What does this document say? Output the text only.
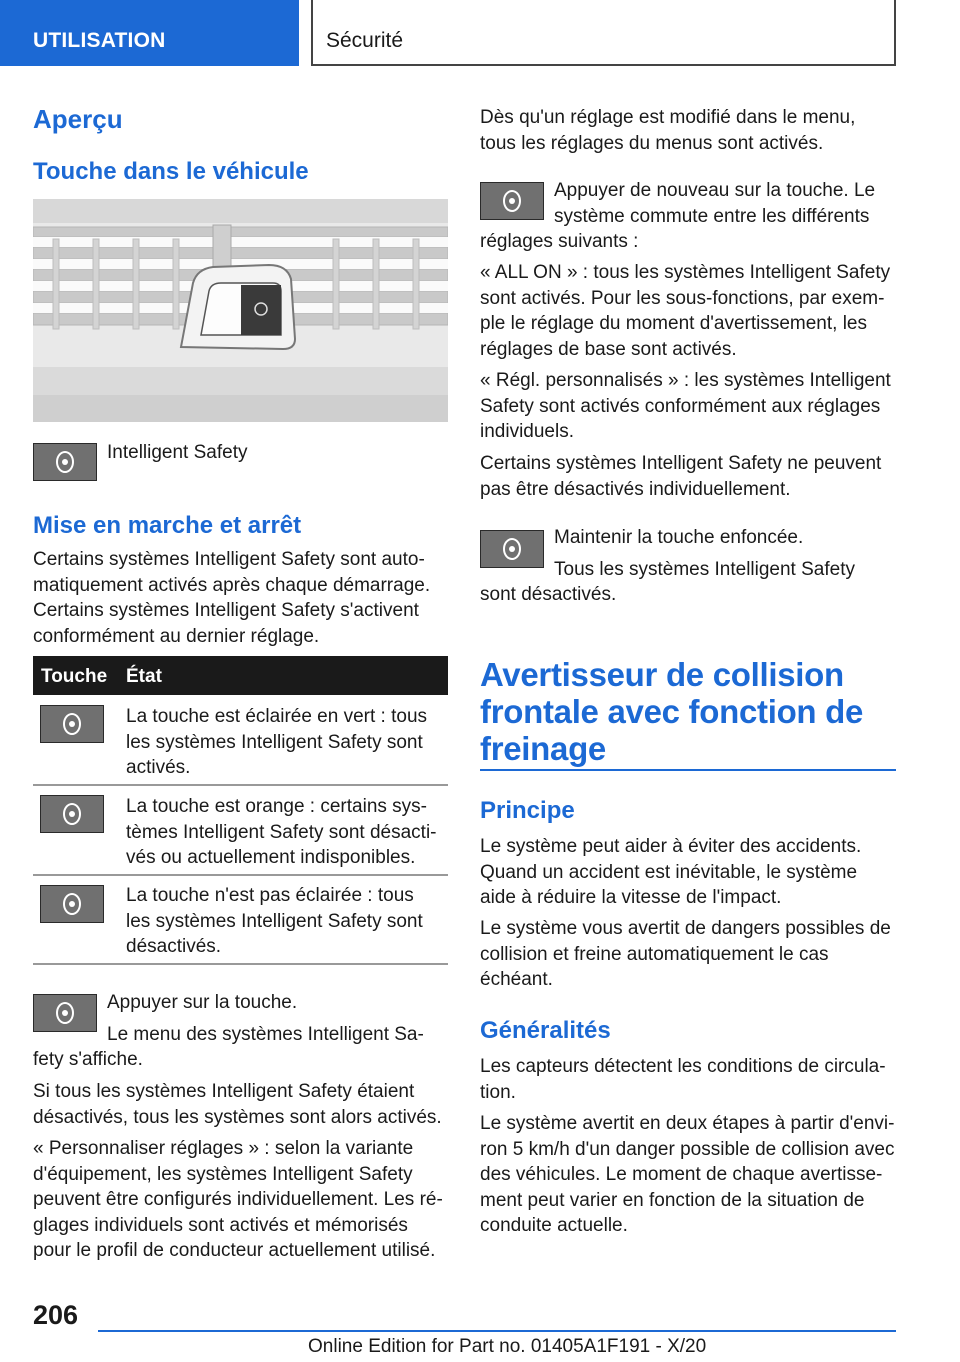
UTILISATION	Sécurité
Aperçu
Touche dans le véhicule
Intelligent Safety
Mise en marche et arrêt
Certains systèmes Intelligent Safety sont auto‐
matiquement activés après chaque démarrage.
Certains systèmes Intelligent Safety s'activent
conformément au dernier réglage.
Touche État
La touche est éclairée en vert : tous
les systèmes Intelligent Safety sont
activés.
La touche est orange : certains sys‐
tèmes Intelligent Safety sont désacti‐
vés ou actuellement indisponibles.
La touche n'est pas éclairée : tous
les systèmes Intelligent Safety sont
désactivés.
Appuyer sur la touche.
Le menu des systèmes Intelligent Sa‐
fety s'affiche.
Si tous les systèmes Intelligent Safety étaient
désactivés, tous les systèmes sont alors activés.
« Personnaliser réglages » : selon la variante
d'équipement, les systèmes Intelligent Safety
peuvent être configurés individuellement. Les ré‐
glages individuels sont activés et mémorisés
pour le profil de conducteur actuellement utilisé.
Dès qu'un réglage est modifié dans le menu,
tous les réglages du menus sont activés.
Appuyer de nouveau sur la touche. Le
système commute entre les différents
réglages suivants :
« ALL ON » : tous les systèmes Intelligent Safety
sont activés. Pour les sous-fonctions, par exem‐
ple le réglage du moment d'avertissement, les
réglages de base sont activés.
« Régl. personnalisés » : les systèmes Intelligent
Safety sont activés conformément aux réglages
individuels.
Certains systèmes Intelligent Safety ne peuvent
pas être désactivés individuellement.
Maintenir la touche enfoncée.
Tous les systèmes Intelligent Safety
sont désactivés.
Avertisseur de collision
frontale avec fonction de
freinage
Principe
Le système peut aider à éviter des accidents.
Quand un accident est inévitable, le système
aide à réduire la vitesse de l'impact.
Le système vous avertit de dangers possibles de
collision et freine automatiquement le cas
échéant.
Généralités
Les capteurs détectent les conditions de circula‐
tion.
Le système avertit en deux étapes à partir d'envi‐
ron 5 km/h d'un danger possible de collision avec
des véhicules. Le moment de chaque avertisse‐
ment peut varier en fonction de la situation de
conduite actuelle.
206
Online Edition for Part no. 01405A1F191 - X/20
